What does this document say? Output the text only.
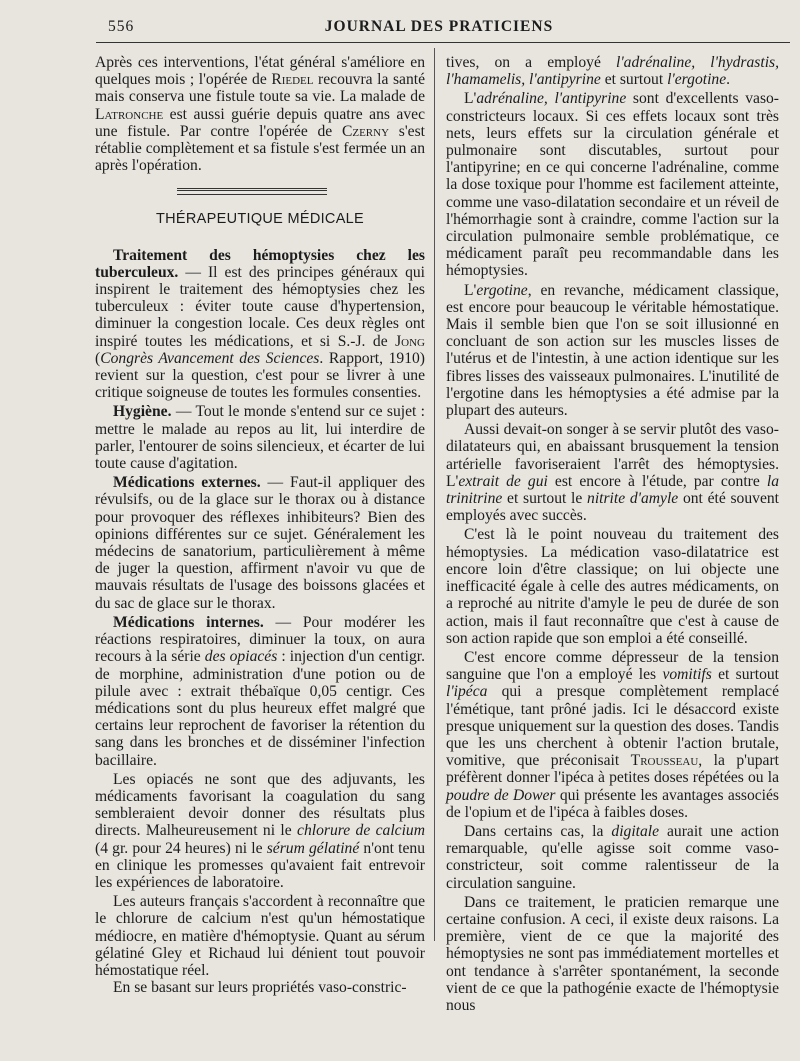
556	JOURNAL DES PRATICIENS

Après ces interventions, l'état général s'améliore en quelques mois ; l'opérée de Riedel recouvra la santé mais conserva une fistule toute sa vie. La malade de Latronche est aussi guérie depuis quatre ans avec une fistule. Par contre l'opérée de Czerny s'est rétablie complètement et sa fistule s'est fermée un an après l'opération.

THÉRAPEUTIQUE MÉDICALE

Traitement des hémoptysies chez les tuberculeux. — Il est des principes généraux qui inspirent le traitement des hémoptysies chez les tuberculeux : éviter toute cause d'hypertension, diminuer la congestion locale. Ces deux règles ont inspiré toutes les médications, et si S.-J. de Jong (Congrès Avancement des Sciences. Rapport, 1910) revient sur la question, c'est pour se livrer à une critique soigneuse de toutes les formules consenties.

Hygiène. — Tout le monde s'entend sur ce sujet : mettre le malade au repos au lit, lui interdire de parler, l'entourer de soins silencieux, et écarter de lui toute cause d'agitation.

Médications externes. — Faut-il appliquer des révulsifs, ou de la glace sur le thorax ou à distance pour provoquer des réflexes inhibiteurs? Bien des opinions différentes sur ce sujet. Généralement les médecins de sanatorium, particulièrement à même de juger la question, affirment n'avoir vu que de mauvais résultats de l'usage des boissons glacées et du sac de glace sur le thorax.

Médications internes. — Pour modérer les réactions respiratoires, diminuer la toux, on aura recours à la série des opiacés : injection d'un centigr. de morphine, administration d'une potion ou de pilule avec : extrait thébaïque 0,05 centigr. Ces médications sont du plus heureux effet malgré que certains leur reprochent de favoriser la rétention du sang dans les bronches et de disséminer l'infection bacillaire.

Les opiacés ne sont que des adjuvants, les médicaments favorisant la coagulation du sang sembleraient devoir donner des résultats plus directs. Malheureusement ni le chlorure de calcium (4 gr. pour 24 heures) ni le sérum gélatiné n'ont tenu en clinique les promesses qu'avaient fait entrevoir les expériences de laboratoire.

Les auteurs français s'accordent à reconnaître que le chlorure de calcium n'est qu'un hémostatique médiocre, en matière d'hémoptysie. Quant au sérum gélatiné Gley et Richaud lui dénient tout pouvoir hémostatique réel.

En se basant sur leurs propriétés vaso-constric-

tives, on a employé l'adrénaline, l'hydrastis, l'hamamelis, l'antipyrine et surtout l'ergotine.

L'adrénaline, l'antipyrine sont d'excellents vaso-constricteurs locaux. Si ces effets locaux sont très nets, leurs effets sur la circulation générale et pulmonaire sont discutables, surtout pour l'antipyrine; en ce qui concerne l'adrénaline, comme la dose toxique pour l'homme est facilement atteinte, comme une vaso-dilatation secondaire et un réveil de l'hémorrhagie sont à craindre, comme l'action sur la circulation pulmonaire semble problématique, ce médicament paraît peu recommandable dans les hémoptysies.

L'ergotine, en revanche, médicament classique, est encore pour beaucoup le véritable hémostatique. Mais il semble bien que l'on se soit illusionné en concluant de son action sur les muscles lisses de l'utérus et de l'intestin, à une action identique sur les fibres lisses des vaisseaux pulmonaires. L'inutilité de l'ergotine dans les hémoptysies a été admise par la plupart des auteurs.

Aussi devait-on songer à se servir plutôt des vaso-dilatateurs qui, en abaissant brusquement la tension artérielle favoriseraient l'arrêt des hémoptysies. L'extrait de gui est encore à l'étude, par contre la trinitrine et surtout le nitrite d'amyle ont été souvent employés avec succès.

C'est là le point nouveau du traitement des hémoptysies. La médication vaso-dilatatrice est encore loin d'être classique; on lui objecte une inefficacité égale à celle des autres médicaments, on a reproché au nitrite d'amyle le peu de durée de son action, mais il faut reconnaître que c'est à cause de son action rapide que son emploi a été conseillé.

C'est encore comme dépresseur de la tension sanguine que l'on a employé les vomitifs et surtout l'ipéca qui a presque complètement remplacé l'émétique, tant prôné jadis. Ici le désaccord existe presque uniquement sur la question des doses. Tandis que les uns cherchent à obtenir l'action brutale, vomitive, que préconisait Trousseau, la p'upart préfèrent donner l'ipéca à petites doses répétées ou la poudre de Dower qui présente les avantages associés de l'opium et de l'ipéca à faibles doses.

Dans certains cas, la digitale aurait une action remarquable, qu'elle agisse soit comme vaso-constricteur, soit comme ralentisseur de la circulation sanguine.

Dans ce traitement, le praticien remarque une certaine confusion. A ceci, il existe deux raisons. La première, vient de ce que la majorité des hémoptysies ne sont pas immédiatement mortelles et ont tendance à s'arrêter spontanément, la seconde vient de ce que la pathogénie exacte de l'hémoptysie nous
